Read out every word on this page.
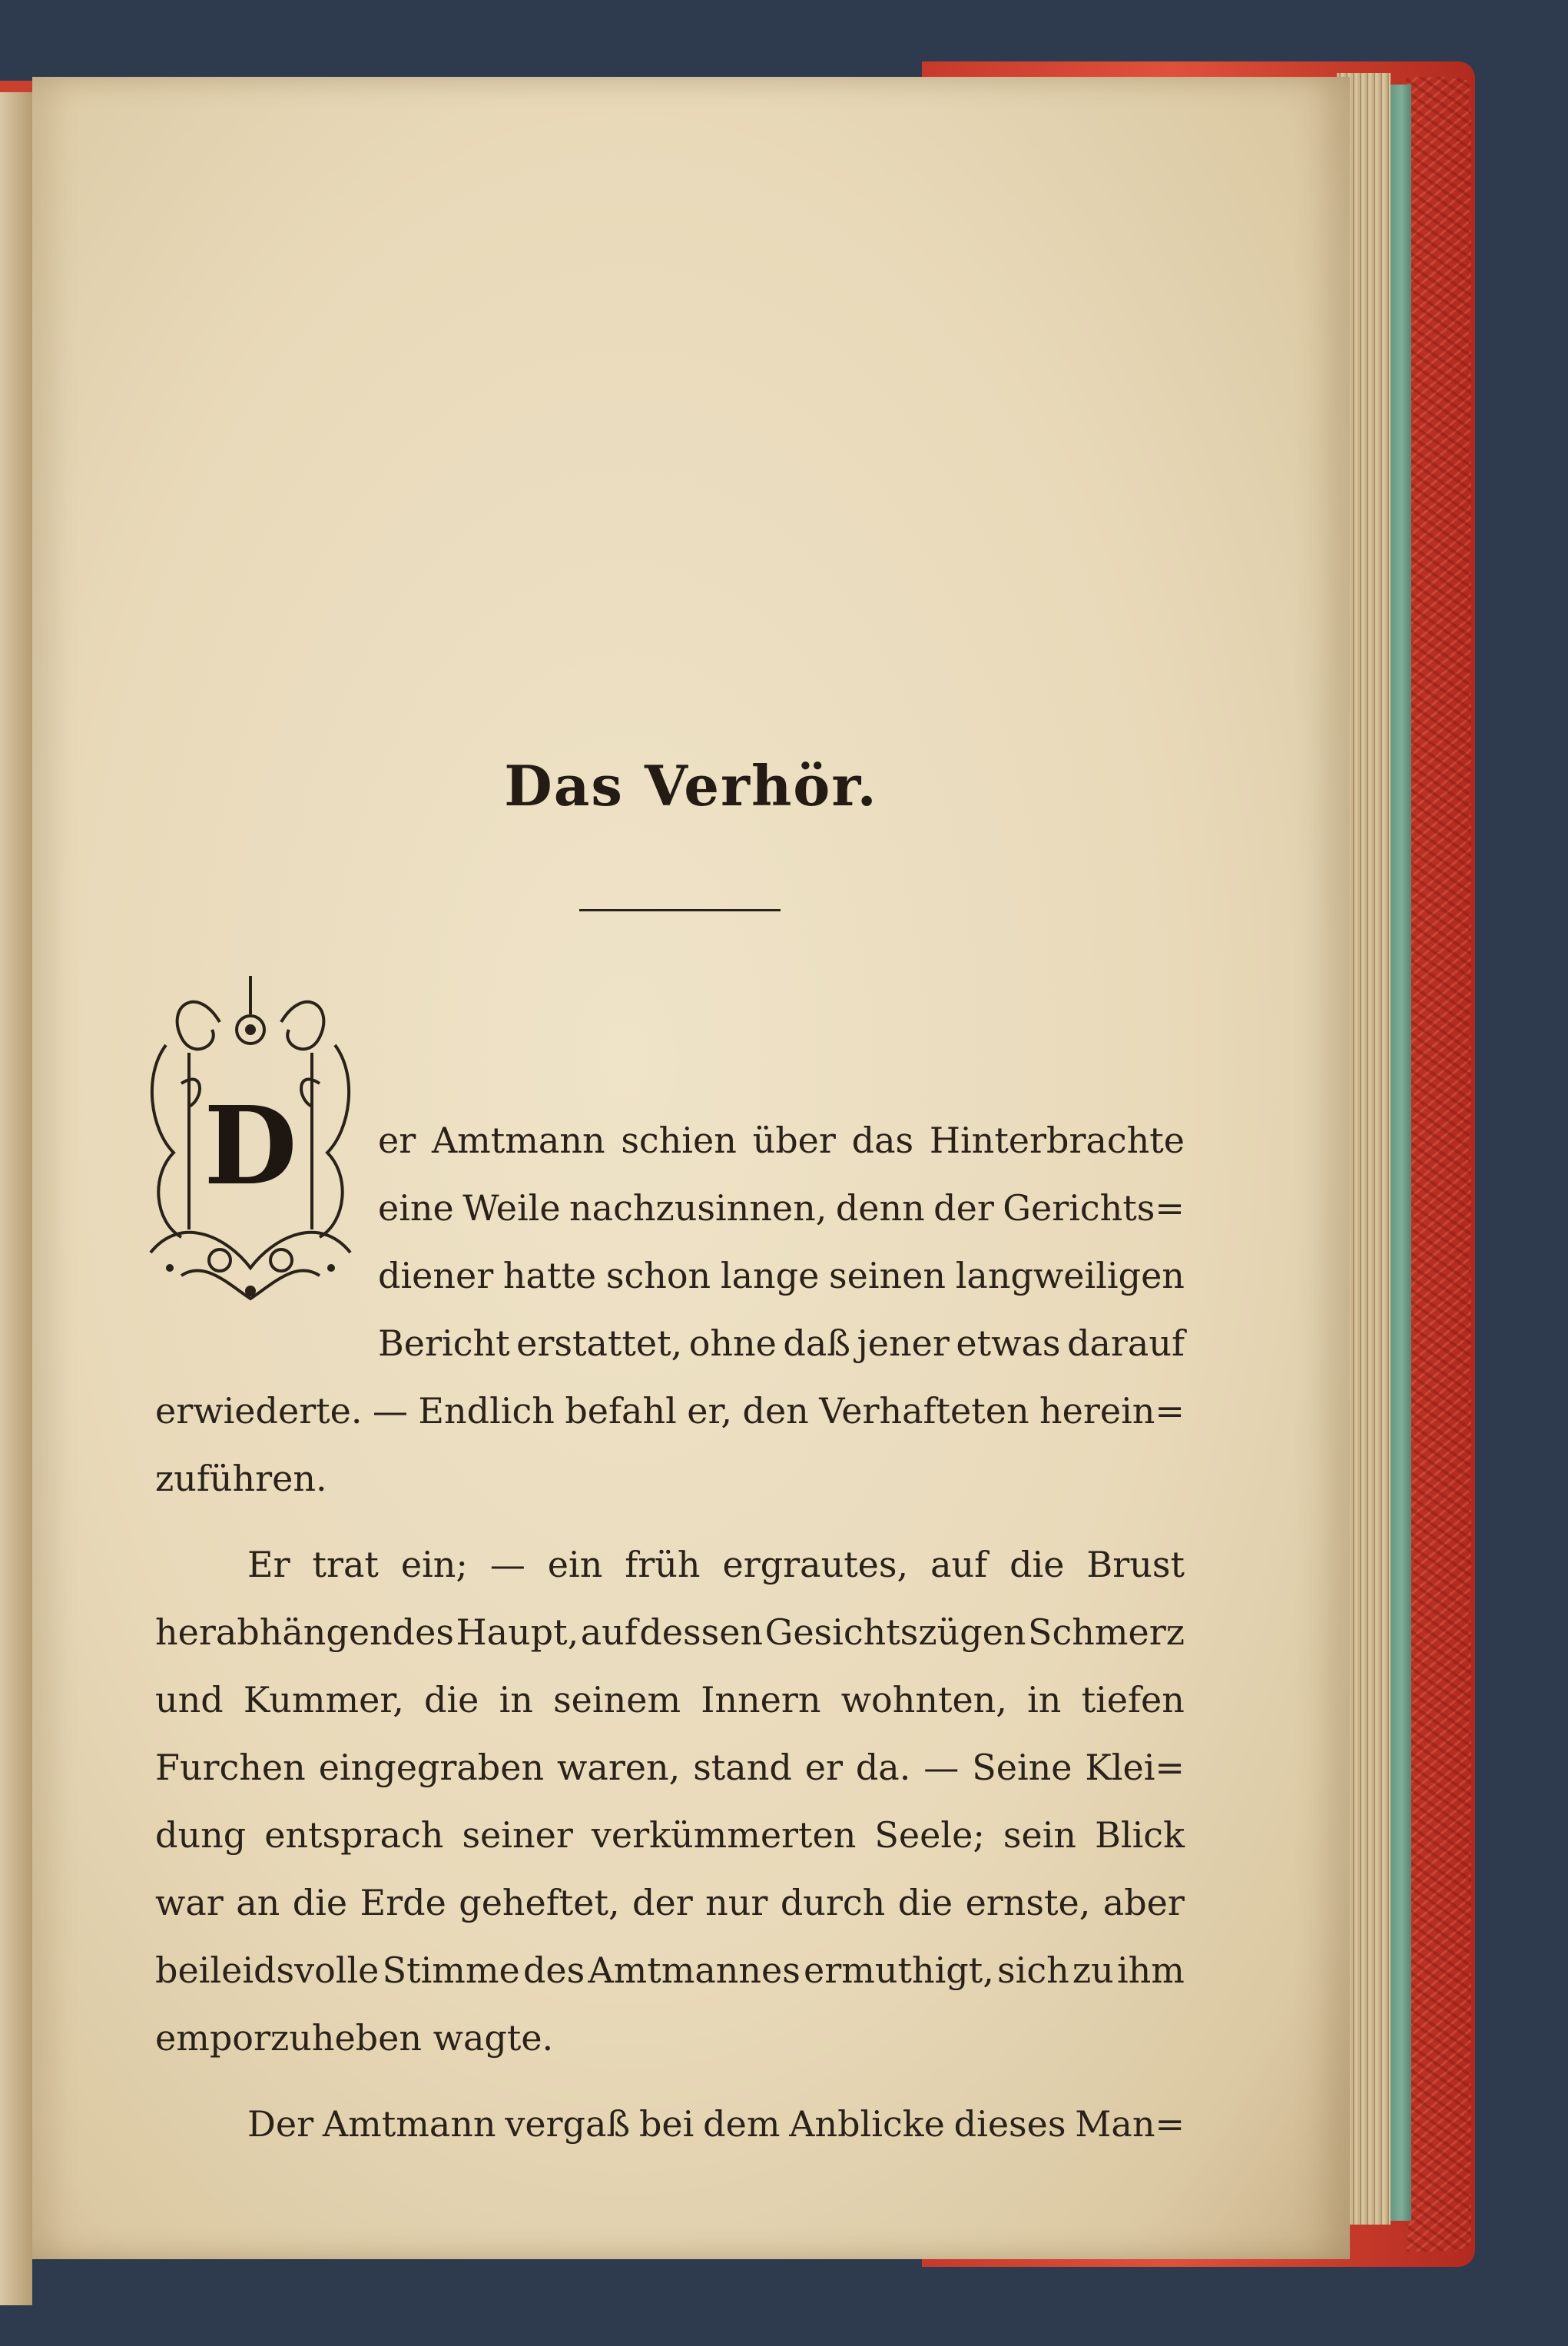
Das Verhör.
D	er Amtmann schien über das Hinterbrachte
eine Weile nachzusinnen, denn der Gerichts=
diener hatte schon lange seinen langweiligen
Bericht erstattet, ohne daß jener etwas darauf
erwiederte. — Endlich befahl er, den Verhafteten herein=
zuführen.
Er trat ein; — ein früh ergrautes, auf die Brust
herabhängendes Haupt, auf dessen Gesichtszügen Schmerz
und Kummer, die in seinem Innern wohnten, in tiefen
Furchen eingegraben waren, stand er da. — Seine Klei=
dung entsprach seiner verkümmerten Seele; sein Blick
war an die Erde geheftet, der nur durch die ernste, aber
beileidsvolle Stimme des Amtmannes ermuthigt, sich zu ihm
emporzuheben wagte.
Der Amtmann vergaß bei dem Anblicke dieses Man=
